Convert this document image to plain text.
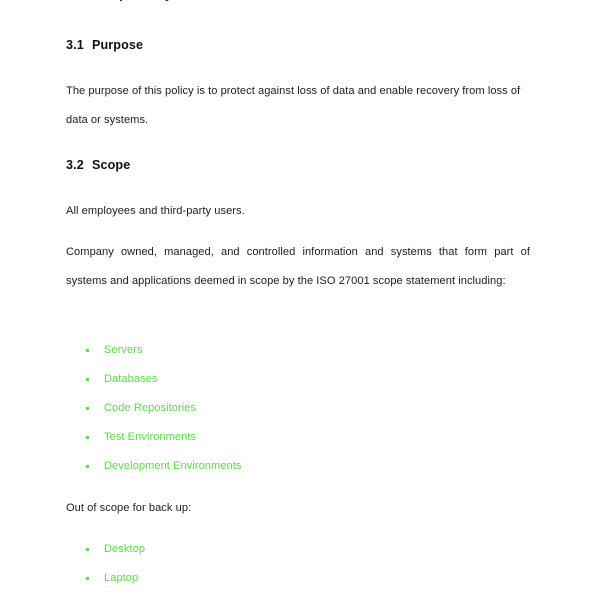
3.1 Purpose
The purpose of this policy is to protect against loss of data and enable recovery from loss of data or systems.
3.2 Scope
All employees and third-party users.
Company owned, managed, and controlled information and systems that form part of systems and applications deemed in scope by the ISO 27001 scope statement including:
Servers
Databases
Code Repositories
Test Environments
Development Environments
Out of scope for back up:
Desktop
Laptop
